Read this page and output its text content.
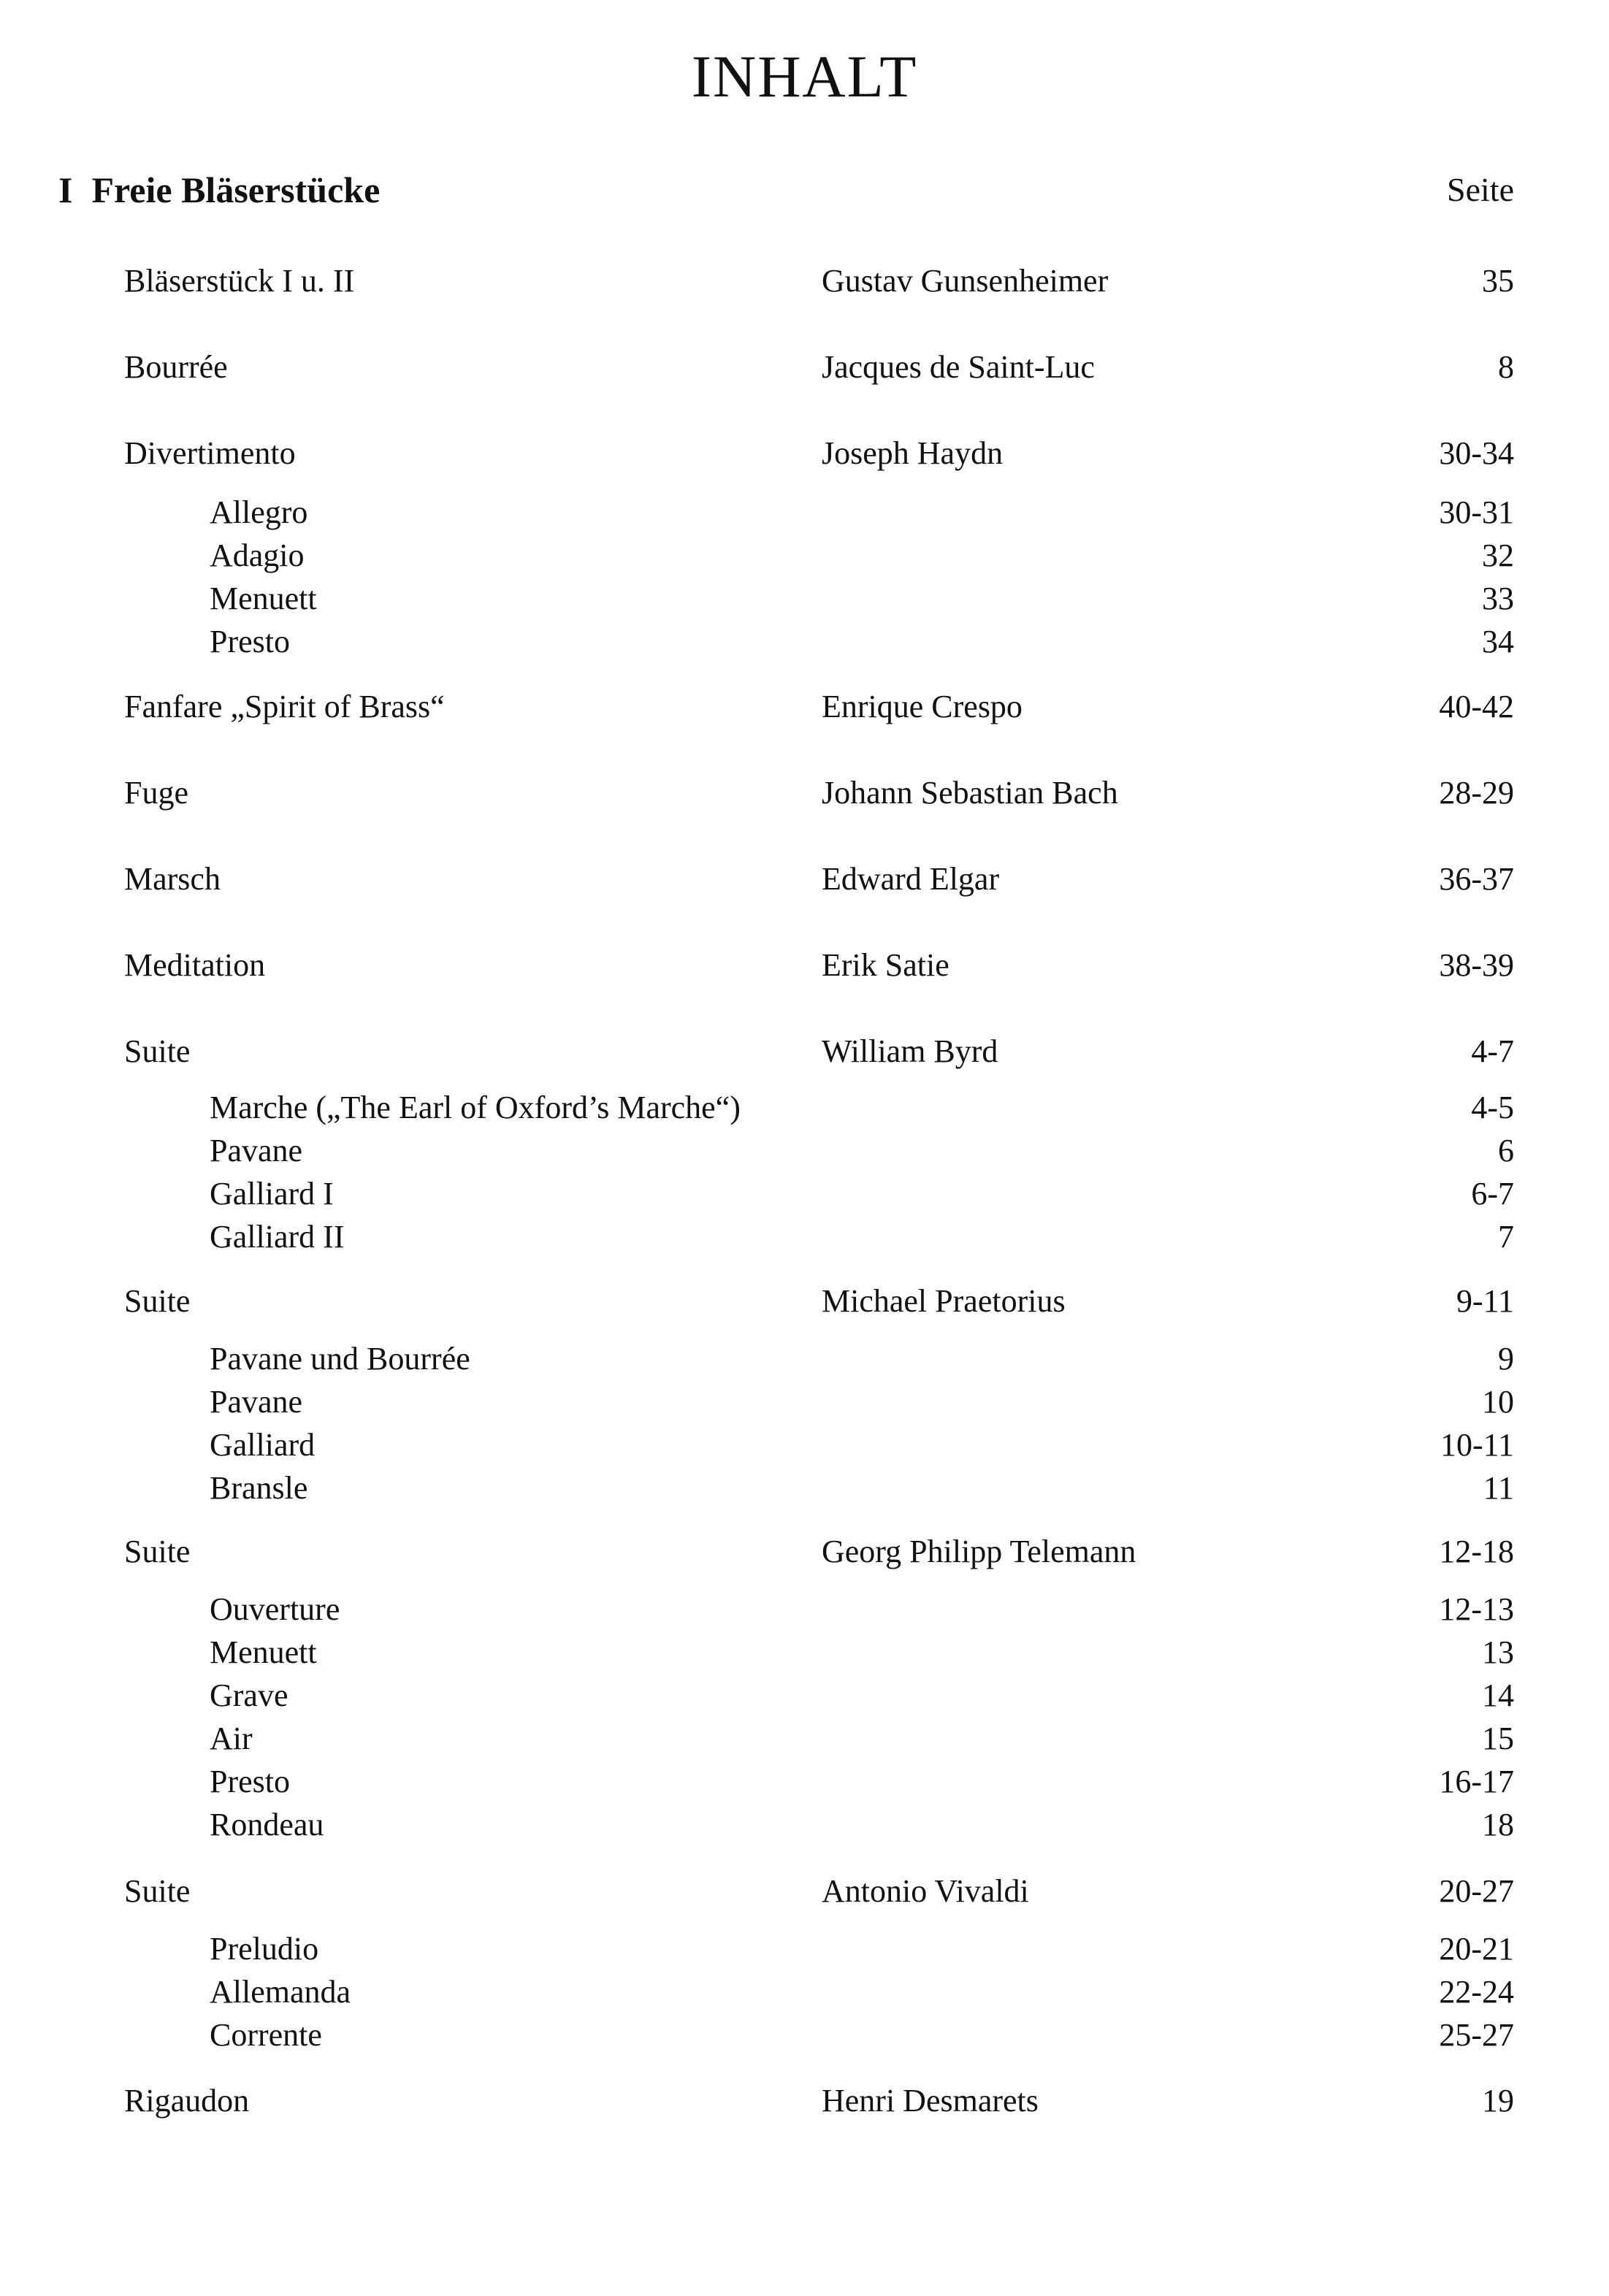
INHALT
I Freie Bläserstücke	Seite
Bläserstück I u. II	Gustav Gunsenheimer	35
Bourrée	Jacques de Saint-Luc	8
Divertimento	Joseph Haydn	30-34
Allegro	30-31
Adagio	32
Menuett	33
Presto	34
Fanfare „Spirit of Brass“	Enrique Crespo	40-42
Fuge	Johann Sebastian Bach	28-29
Marsch	Edward Elgar	36-37
Meditation	Erik Satie	38-39
Suite	William Byrd	4-7
Marche („The Earl of Oxford’s Marche“)	4-5
Pavane	6
Galliard I	6-7
Galliard II	7
Suite	Michael Praetorius	9-11
Pavane und Bourrée	9
Pavane	10
Galliard	10-11
Bransle	11
Suite	Georg Philipp Telemann	12-18
Ouverture	12-13
Menuett	13
Grave	14
Air	15
Presto	16-17
Rondeau	18
Suite	Antonio Vivaldi	20-27
Preludio	20-21
Allemanda	22-24
Corrente	25-27
Rigaudon	Henri Desmarets	19
